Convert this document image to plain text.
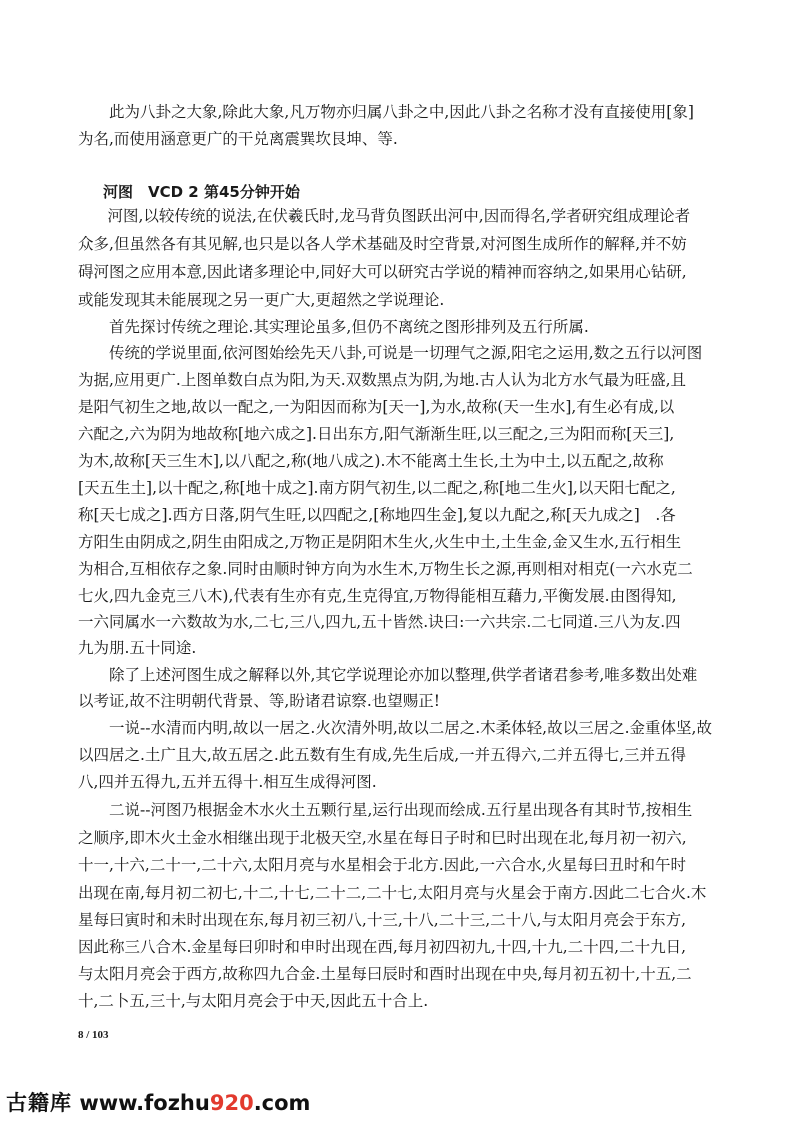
　　此为八卦之大象,除此大象,凡万物亦归属八卦之中,因此八卦之名称才没有直接使用[象]
为名,而使用涵意更广的干兑离震巽坎艮坤、等.
河图　VCD 2 第45分钟开始
　河图,以较传统的说法,在伏羲氏时,龙马背负图跃出河中,因而得名,学者研究组成理论者
众多,但虽然各有其见解,也只是以各人学术基础及时空背景,对河图生成所作的解释,并不妨
碍河图之应用本意,因此诸多理论中,同好大可以研究古学说的精神而容纳之,如果用心钻研,
或能发现其未能展现之另一更广大,更超然之学说理论.
　　首先探讨传统之理论.其实理论虽多,但仍不离统之图形排列及五行所属.
　　传统的学说里面,依河图始绘先天八卦,可说是一切理气之源,阳宅之运用,数之五行以河图
为据,应用更广.上图单数白点为阳,为天.双数黑点为阴,为地.古人认为北方水气最为旺盛,且
是阳气初生之地,故以一配之,一为阳因而称为[天一],为水,故称(天一生水],有生必有成,以
六配之,六为阴为地故称[地六成之].日出东方,阳气渐渐生旺,以三配之,三为阳而称[天三],
为木,故称[天三生木],以八配之,称(地八成之).木不能离土生长,土为中土,以五配之,故称
[天五生土],以十配之,称[地十成之].南方阴气初生,以二配之,称[地二生火],以天阳七配之,
称[天七成之].西方日落,阴气生旺,以四配之,[称地四生金],复以九配之,称[天九成之]　.各
方阳生由阴成之,阴生由阳成之,万物正是阴阳木生火,火生中土,土生金,金又生水,五行相生
为相合,互相依存之象.同时由顺时钟方向为水生木,万物生长之源,再则相对相克(一六水克二
七火,四九金克三八木),代表有生亦有克,生克得宜,万物得能相互藉力,平衡发展.由图得知,
一六同属水一六数故为水,二七,三八,四九,五十皆然.诀曰:一六共宗.二七同道.三八为友.四
九为朋.五十同途.
　　除了上述河图生成之解释以外,其它学说理论亦加以整理,供学者诸君参考,唯多数出处难
以考证,故不注明朝代背景、等,盼诸君谅察.也望赐正!
　　一说--水清而内明,故以一居之.火次清外明,故以二居之.木柔体轻,故以三居之.金重体坚,故
以四居之.土广且大,故五居之.此五数有生有成,先生后成,一并五得六,二并五得七,三并五得
八,四并五得九,五并五得十.相互生成得河图.
　　二说--河图乃根据金木水火土五颗行星,运行出现而绘成.五行星出现各有其时节,按相生
之顺序,即木火土金水相继出现于北极天空,水星在每日子时和巳时出现在北,每月初一初六,
十一,十六,二十一,二十六,太阳月亮与水星相会于北方.因此,一六合水,火星每曰丑时和午时
出现在南,每月初二初七,十二,十七,二十二,二十七,太阳月亮与火星会于南方.因此二七合火.木
星每曰寅时和未时出现在东,每月初三初八,十三,十八,二十三,二十八,与太阳月亮会于东方,
因此称三八合木.金星每曰卯时和申时出现在西,每月初四初九,十四,十九,二十四,二十九日,
与太阳月亮会于西方,故称四九合金.土星每曰辰时和酉时出现在中央,每月初五初十,十五,二
十,二卜五,三十,与太阳月亮会于中天,因此五十合上.
8 / 103
古籍库 www.fozhu920.com
